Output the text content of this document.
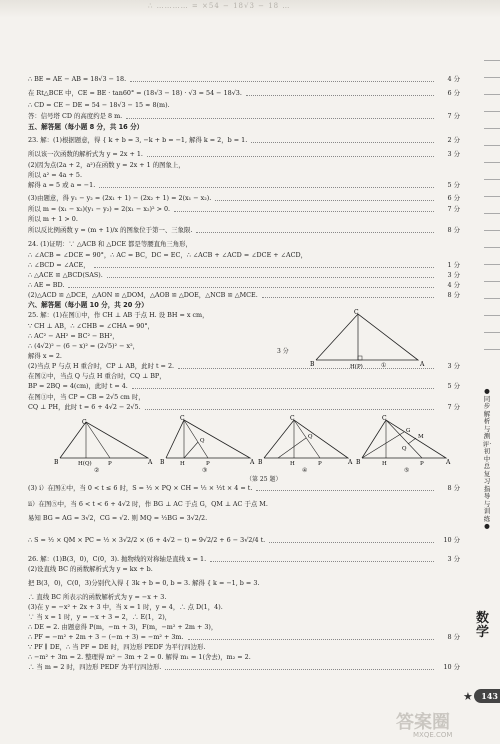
∴ ………… = ×54 − 18√3 − 18 …
∴ BE = AE − AB = 18√3 − 18.	4 分
在 Rt△BCE 中，CE = BE · tan60° = (18√3 − 18) · √3 = 54 − 18√3.	6 分
∴ CD = CE − DE = 54 − 18√3 − 15 ≈ 8(m).
答：信号塔 CD 的高度约是 8 m.	7 分
五、解答题（每小题 8 分，共 16 分）
23. 解：(1)根据题意，得 { k + b = 3, −k + b = −1, 解得 k = 2，b = 1.	2 分
所以该一次函数的解析式为 y = 2x + 1.	3 分
(2)因为点(2a + 2，a²)在函数 y = 2x + 1 的图象上，
所以 a² = 4a + 5.
解得 a = 5 或 a = −1.	5 分
(3)由题意，得 y₁ − y₂ = (2x₁ + 1) − (2x₂ + 1) = 2(x₁ − x₂).	6 分
所以 m = (x₁ − x₂)(y₁ − y₂) = 2(x₁ − x₂)² > 0.	7 分
所以 m + 1 > 0.
所以反比例函数 y = (m + 1)/x 的图象位于第一、三象限.	8 分
24. (1)证明：∵ △ACB 和 △DCE 都是等腰直角三角形，
∴ ∠ACB = ∠DCE = 90°，∴ AC = BC，DC = EC，∴ ∠ACB + ∠ACD = ∠DCE + ∠ACD，
∴ ∠BCD = ∠ACE，	1 分
∴ △ACE ≌ △BCD(SAS).	3 分
∴ AE = BD.	4 分
(2)△ACD ≌ △DCE，△AON ≌ △DOM，△AOB ≌ △DOE，△NCB ≌ △MCE.	8 分
六、解答题（每小题 10 分，共 20 分）
25. 解：(1)在图①中，作 CH ⊥ AB 于点 H. 设 BH = x cm，
∵ CH ⊥ AB，∴ ∠CHB = ∠CHA = 90°，
∴ AC² − AH² = BC² − BH²，
∴ (4√2)² − (6 − x)² = (2√5)² − x²，
解得 x = 2.
(2)当点 P 与点 H 重合时，CP ⊥ AB，此时 t = 2.	3 分
在图②中，当点 Q 与点 H 重合时，CQ ⊥ BP，
BP = 2BQ = 4(cm)，此时 t = 4.	5 分
在图③中，当 CP = CB = 2√5 cm 时，
CQ ⊥ PH，此时 t = 6 + 4√2 − 2√5.	7 分
(3) i）在图④中，当 0 < t ≤ 6 时，S = ½ × PQ × CH = ½ × ½t × 4 = t.	8 分
ii）在图⑤中，当 6 < t < 6 + 4√2 时，作 BG ⊥ AC 于点 G，QM ⊥ AC 于点 M.
易知 BG = AG = 3√2，CG = √2. 则 MQ = ½BG = 3√2/2.
∴ S = ½ × QM × PC = ½ × 3√2/2 × (6 + 4√2 − t) = 9√2/2 + 6 − 3√2/4 t.	10 分
26. 解：(1)B(3，0)，C(0，3). 抛物线的对称轴是直线 x = 1.	3 分
(2)设直线 BC 的函数解析式为 y = kx + b.
把 B(3，0)，C(0，3)分别代入得 { 3k + b = 0, b = 3. 解得 { k = −1, b = 3.
∴ 直线 BC 所表示的函数解析式为 y = −x + 3.
(3)在 y = −x² + 2x + 3 中，当 x = 1 时，y = 4，∴ 点 D(1，4).
∵ 当 x = 1 时，y = −x + 3 = 2，∴ E(1，2)，
∴ DE = 2. 由题意得 P(m，−m + 3)，F(m，−m² + 2m + 3)，
∴ PF = −m² + 2m + 3 − (−m + 3) = −m² + 3m.	8 分
∵ PF ∥ DE，∴ 当 PF = DE 时，四边形 PEDF 为平行四边形.
∴ −m² + 3m = 2. 整理得 m² − 3m + 2 = 0. 解得 m₁ = 1(舍去)，m₂ = 2.
∴ 当 m = 2 时，四边形 PEDF 为平行四边形.	10 分
C
B	A
H(P)	①
3 分
C
B	A
H(Q)	P
②
C
B	A
H
Q
P
③
C
B	A
H
Q
P
④
C
B	A
H
G
M
Q
P
⑤
（第 25 题）
●同步解析与测评·初中总复习指导与训练●
数学
★	143
答案圈
MXQE.COM
